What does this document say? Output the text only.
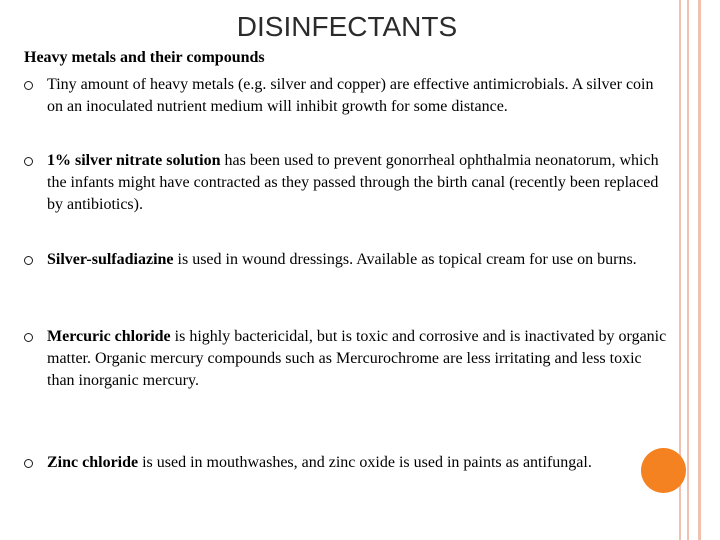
DISINFECTANTS
Heavy metals and their compounds
Tiny amount of heavy metals (e.g. silver and copper) are effective antimicrobials. A silver coin on an inoculated nutrient medium will inhibit growth for some distance.
1% silver nitrate solution has been used to prevent gonorrheal ophthalmia neonatorum, which the infants might have contracted as they passed through the birth canal (recently been replaced by antibiotics).
Silver-sulfadiazine is used in wound dressings. Available as topical cream for use on burns.
Mercuric chloride is highly bactericidal, but is toxic and corrosive and is inactivated by organic matter. Organic mercury compounds such as Mercurochrome are less irritating and less toxic than inorganic mercury.
Zinc chloride is used in mouthwashes, and zinc oxide is used in paints as antifungal.
